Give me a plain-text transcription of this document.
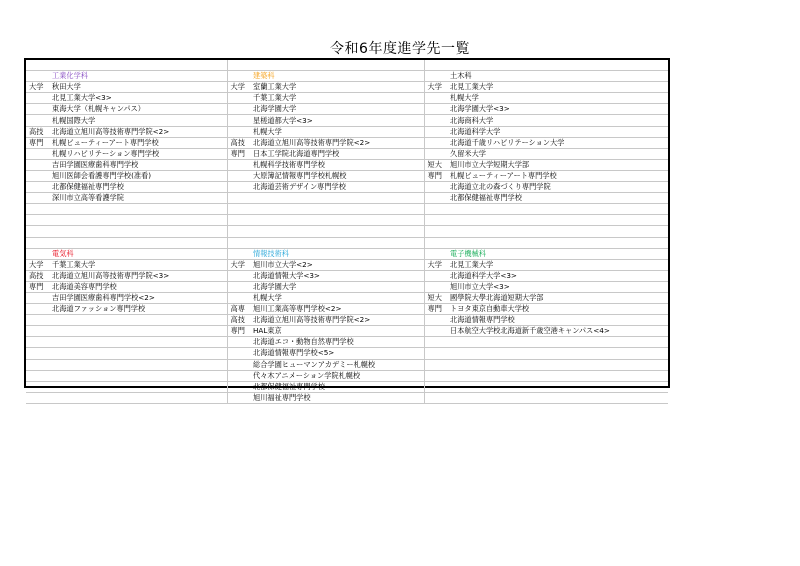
令和6年度進学先一覧

	工業化学科		建築科		土木科
大学	秋田大学	大学	室蘭工業大学	大学	北見工業大学
	北見工業大学<3>		千葉工業大学		札幌大学
	東海大学（札幌キャンパス）		北海学園大学		北海学園大学<3>
	札幌国際大学		星槎道都大学<3>		北海商科大学
高技	北海道立旭川高等技術専門学院<2>		札幌大学		北海道科学大学
専門	札幌ビューティーアート専門学校	高技	北海道立旭川高等技術専門学院<2>		北海道千歳リハビリテーション大学
	札幌リハビリテーション専門学校	専門	日本工学院北海道専門学校		久留米大学
	吉田学園医療歯科専門学校		札幌科学技術専門学校	短大	旭川市立大学短期大学部
	旭川医師会看護専門学校(准看)		大原簿記情報専門学校札幌校	専門	札幌ビューティーアート専門学校
	北都保健福祉専門学校		北海道芸術デザイン専門学校		北海道立北の森づくり専門学院
	深川市立高等看護学院				北都保健福祉専門学校

	電気科		情報技術科		電子機械科
大学	千葉工業大学	大学	旭川市立大学<2>	大学	北見工業大学
高技	北海道立旭川高等技術専門学院<3>		北海道情報大学<3>		北海道科学大学<3>
専門	北海道美容専門学校		北海学園大学		旭川市立大学<3>
	吉田学園医療歯科専門学校<2>		札幌大学	短大	國學院大學北海道短期大学部
	北海道ファッション専門学校	高専	旭川工業高等専門学校<2>	専門	トヨタ東京自動車大学校
		高技	北海道立旭川高等技術専門学院<2>		北海道情報専門学校
		専門	HAL東京		日本航空大学校北海道新千歳空港キャンパス<4>
			北海道エコ・動物自然専門学校		
			北海道情報専門学校<5>		
			総合学園ヒューマンアカデミー札幌校		
			代々木アニメーション学院札幌校		
			北都保健福祉専門学校		
			旭川福祉専門学校		
